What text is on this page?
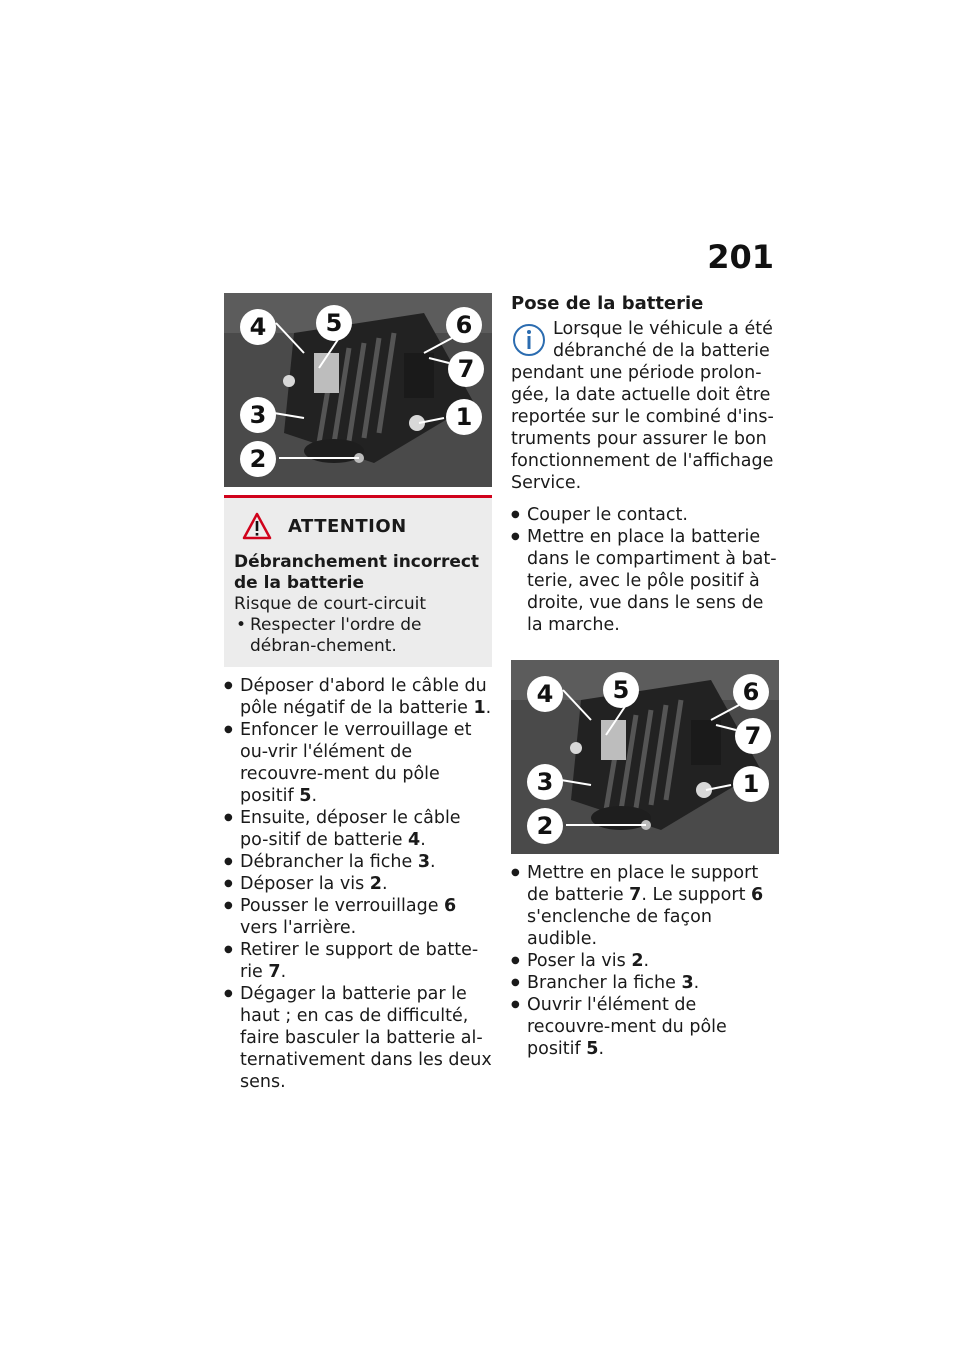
201
4	5	6
7
3	1
2
ATTENTION
Débranchement incorrect de la batterie
Risque de court-circuit
• Respecter l'ordre de débran-chement.
● Déposer d'abord le câble du pôle négatif de la batterie 1.
● Enfoncer le verrouillage et ou-vrir l'élément de recouvre-ment du pôle positif 5.
● Ensuite, déposer le câble po-sitif de batterie 4.
● Débrancher la fiche 3.
● Déposer la vis 2.
● Pousser le verrouillage 6 vers l'arrière.
● Retirer le support de batte-rie 7.
● Dégager la batterie par le haut ; en cas de difficulté, faire basculer la batterie al-ternativement dans les deux sens.
Pose de la batterie
Lorsque le véhicule a été débranché de la batterie pendant une période prolon-gée, la date actuelle doit être reportée sur le combiné d'ins-truments pour assurer le bon fonctionnement de l'affichage Service.
● Couper le contact.
● Mettre en place la batterie dans le compartiment à bat-terie, avec le pôle positif à droite, vue dans le sens de la marche.
4	5	6
7
3	1
2
● Mettre en place le support de batterie 7. Le support 6 s'enclenche de façon audible.
● Poser la vis 2.
● Brancher la fiche 3.
● Ouvrir l'élément de recouvre-ment du pôle positif 5.
